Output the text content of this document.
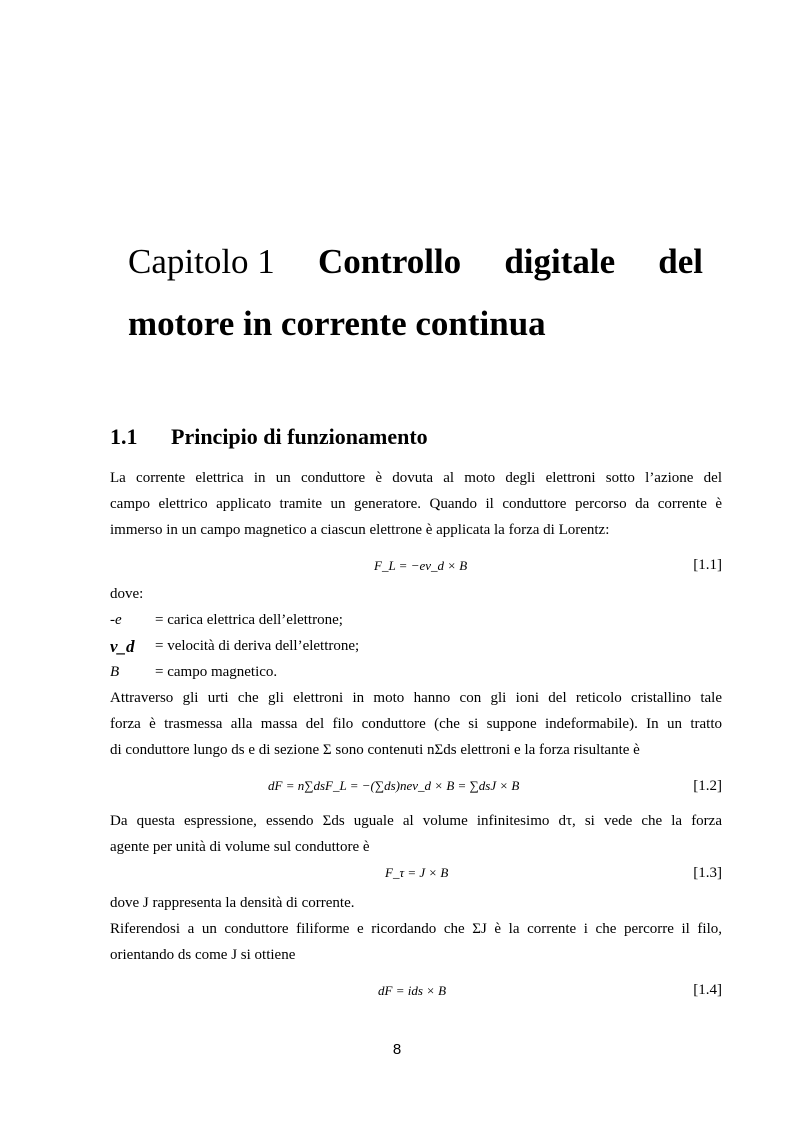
Capitolo 1 Controllo digitale del
motore in corrente continua
1.1 Principio di funzionamento
La corrente elettrica in un conduttore è dovuta al moto degli elettroni sotto l’azione del
campo elettrico applicato tramite un generatore. Quando il conduttore percorso da corrente è
immerso in un campo magnetico a ciascun elettrone è applicata la forza di Lorentz:
F_L = −ev_d × B	[1.1]
dove:
-e = carica elettrica dell’elettrone;
v_d = velocità di deriva dell’elettrone;
B = campo magnetico.
Attraverso gli urti che gli elettroni in moto hanno con gli ioni del reticolo cristallino tale
forza è trasmessa alla massa del filo conduttore (che si suppone indeformabile). In un tratto
di conduttore lungo ds e di sezione Σ sono contenuti nΣds elettroni e la forza risultante è
dF = n∑dsF_L = −(∑ds)nev_d × B = ∑dsJ × B	[1.2]
Da questa espressione, essendo Σds uguale al volume infinitesimo dτ, si vede che la forza
agente per unità di volume sul conduttore è
F_τ = J × B	[1.3]
dove J rappresenta la densità di corrente.
Riferendosi a un conduttore filiforme e ricordando che ΣJ è la corrente i che percorre il filo,
orientando ds come J si ottiene
dF = ids × B	[1.4]
8
